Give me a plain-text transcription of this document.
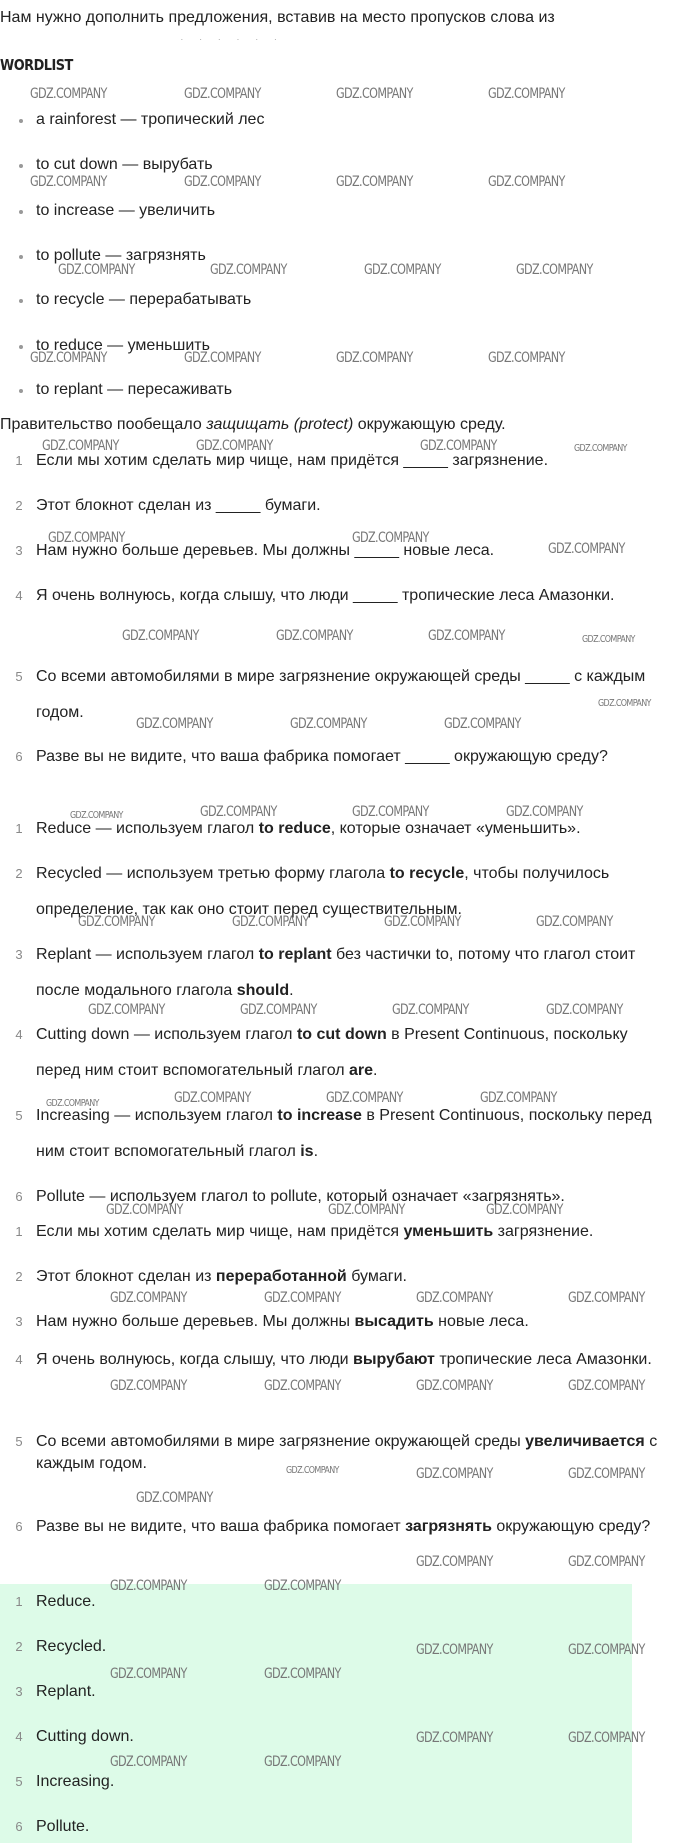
Нам нужно дополнить предложения, вставив на место пропусков слова из
· · · · · ·
WORDLIST
a rainforest — тропический лес
to cut down — вырубать
to increase — увеличить
to pollute — загрязнять
to recycle — перерабатывать
to reduce — уменьшить
to replant — пересаживать
Правительство пообещало защищать (protect) окружающую среду.
1 Если мы хотим сделать мир чище, нам придётся _____ загрязнение.
2 Этот блокнот сделан из _____ бумаги.
3 Нам нужно больше деревьев. Мы должны _____ новые леса.
4 Я очень волнуюсь, когда слышу, что люди _____ тропические леса Амазонки.
5 Со всеми автомобилями в мире загрязнение окружающей среды _____ с каждым годом.
6 Разве вы не видите, что ваша фабрика помогает _____ окружающую среду?
1 Reduce — используем глагол to reduce, которые означает «уменьшить».
2 Recycled — используем третью форму глагола to recycle, чтобы получилось определение, так как оно стоит перед существительным.
3 Replant — используем глагол to replant без частички to, потому что глагол стоит после модального глагола should.
4 Cutting down — используем глагол to cut down в Present Continuous, поскольку перед ним стоит вспомогательный глагол are.
5 Increasing — используем глагол to increase в Present Continuous, поскольку перед ним стоит вспомогательный глагол is.
6 Pollute — используем глагол to pollute, который означает «загрязнять».
1 Если мы хотим сделать мир чище, нам придётся уменьшить загрязнение.
2 Этот блокнот сделан из переработанной бумаги.
3 Нам нужно больше деревьев. Мы должны высадить новые леса.
4 Я очень волнуюсь, когда слышу, что люди вырубают тропические леса Амазонки.
5 Со всеми автомобилями в мире загрязнение окружающей среды увеличивается с каждым годом.
6 Разве вы не видите, что ваша фабрика помогает загрязнять окружающую среду?
1 Reduce.
2 Recycled.
3 Replant.
4 Cutting down.
5 Increasing.
6 Pollute.
GDZ.COMPANY	GDZ.COMPANY	GDZ.COMPANY	GDZ.COMPANY
GDZ.COMPANY	GDZ.COMPANY	GDZ.COMPANY	GDZ.COMPANY
GDZ.COMPANY	GDZ.COMPANY	GDZ.COMPANY	GDZ.COMPANY
GDZ.COMPANY	GDZ.COMPANY	GDZ.COMPANY	GDZ.COMPANY
GDZ.COMPANY	GDZ.COMPANY	GDZ.COMPANY	GDZ.COMPANY
GDZ.COMPANY	GDZ.COMPANY
GDZ.COMPANY
GDZ.COMPANY	GDZ.COMPANY	GDZ.COMPANY	GDZ.COMPANY
GDZ.COMPANY
GDZ.COMPANY	GDZ.COMPANY	GDZ.COMPANY
GDZ.COMPANY	GDZ.COMPANY	GDZ.COMPANY	GDZ.COMPANY
GDZ.COMPANY	GDZ.COMPANY	GDZ.COMPANY	GDZ.COMPANY
GDZ.COMPANY	GDZ.COMPANY	GDZ.COMPANY	GDZ.COMPANY
GDZ.COMPANY	GDZ.COMPANY	GDZ.COMPANY	GDZ.COMPANY
GDZ.COMPANY	GDZ.COMPANY	GDZ.COMPANY
GDZ.COMPANY	GDZ.COMPANY	GDZ.COMPANY	GDZ.COMPANY
GDZ.COMPANY	GDZ.COMPANY	GDZ.COMPANY	GDZ.COMPANY
GDZ.COMPANY	GDZ.COMPANY	GDZ.COMPANY
GDZ.COMPANY
GDZ.COMPANY	GDZ.COMPANY
GDZ.COMPANY	GDZ.COMPANY
GDZ.COMPANY	GDZ.COMPANY
GDZ.COMPANY	GDZ.COMPANY
GDZ.COMPANY	GDZ.COMPANY
GDZ.COMPANY	GDZ.COMPANY
